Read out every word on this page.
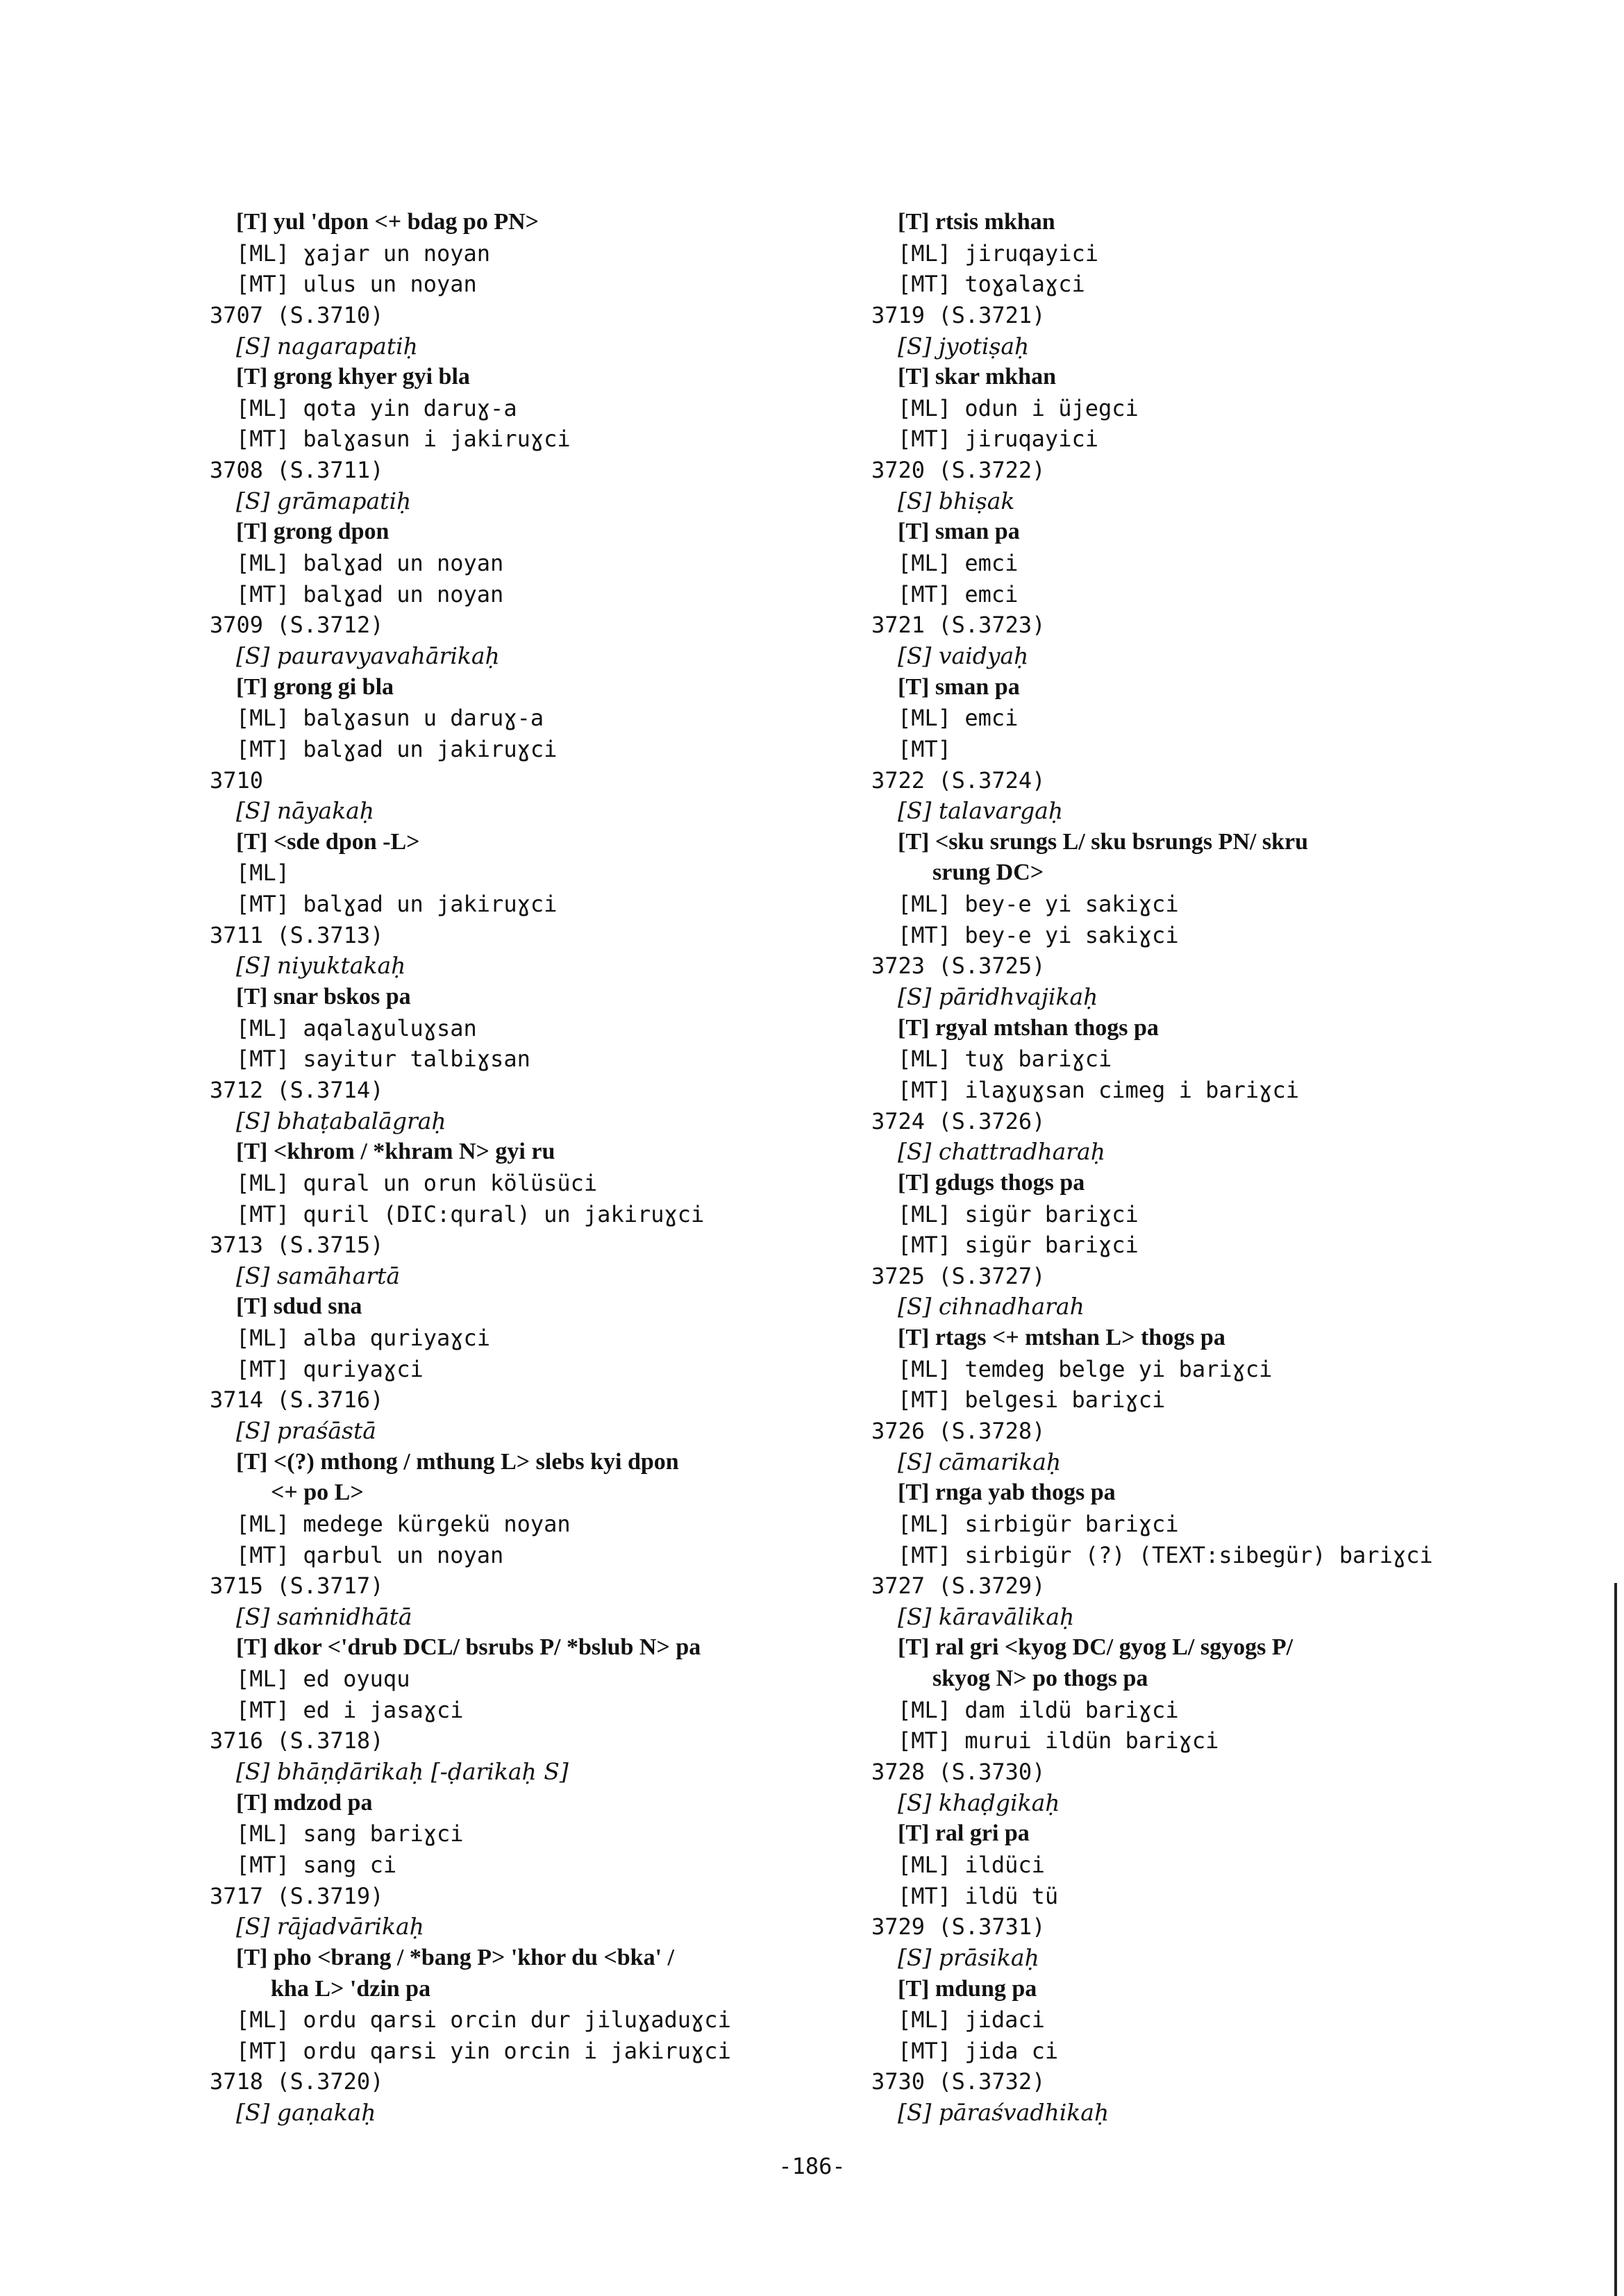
[T] yul 'dpon <+ bdag po PN>
[ML] ɣajar un noyan
[MT] ulus un noyan
3707 (S.3710)
[S] nagarapatiḥ
[T] grong khyer gyi bla
[ML] qota yin daruɣ-a
[MT] balɣasun i jakiruɣci
3708 (S.3711)
[S] grāmapatiḥ
[T] grong dpon
[ML] balɣad un noyan
[MT] balɣad un noyan
3709 (S.3712)
[S] pauravyavahārikaḥ
[T] grong gi bla
[ML] balɣasun u daruɣ-a
[MT] balɣad un jakiruɣci
3710
[S] nāyakaḥ
[T] <sde dpon -L>
[ML]
[MT] balɣad un jakiruɣci
3711 (S.3713)
[S] niyuktakaḥ
[T] snar bskos pa
[ML] aqalaɣuluɣsan
[MT] sayitur talbiɣsan
3712 (S.3714)
[S] bhaṭabalāgraḥ
[T] <khrom / *khram N> gyi ru
[ML] qural un orun kölüsüci
[MT] quril (DIC:qural) un jakiruɣci
3713 (S.3715)
[S] samāhartā
[T] sdud sna
[ML] alba quriyaɣci
[MT] quriyaɣci
3714 (S.3716)
[S] praśāstā
[T] <(?) mthong / mthung L> slebs kyi dpon
<+ po L>
[ML] medege kürgekü noyan
[MT] qarbul un noyan
3715 (S.3717)
[S] saṁnidhātā
[T] dkor <'drub DCL/ bsrubs P/ *bslub N> pa
[ML] ed oyuqu
[MT] ed i jasaɣci
3716 (S.3718)
[S] bhāṇḍārikaḥ [-ḍarikaḥ S]
[T] mdzod pa
[ML] sang bariɣci
[MT] sang ci
3717 (S.3719)
[S] rājadvārikaḥ
[T] pho <brang / *bang P> 'khor du <bka' /
kha L> 'dzin pa
[ML] ordu qarsi orcin dur jiluɣaduɣci
[MT] ordu qarsi yin orcin i jakiruɣci
3718 (S.3720)
[S] gaṇakaḥ
[T] rtsis mkhan
[ML] jiruqayici
[MT] toɣalaɣci
3719 (S.3721)
[S] jyotiṣaḥ
[T] skar mkhan
[ML] odun i üjegci
[MT] jiruqayici
3720 (S.3722)
[S] bhiṣak
[T] sman pa
[ML] emci
[MT] emci
3721 (S.3723)
[S] vaidyaḥ
[T] sman pa
[ML] emci
[MT]
3722 (S.3724)
[S] talavargaḥ
[T] <sku srungs L/ sku bsrungs PN/ skru
srung DC>
[ML] bey-e yi sakiɣci
[MT] bey-e yi sakiɣci
3723 (S.3725)
[S] pāridhvajikaḥ
[T] rgyal mtshan thogs pa
[ML] tuɣ bariɣci
[MT] ilaɣuɣsan cimeg i bariɣci
3724 (S.3726)
[S] chattradharaḥ
[T] gdugs thogs pa
[ML] sigür bariɣci
[MT] sigür bariɣci
3725 (S.3727)
[S] cihnadharah
[T] rtags <+ mtshan L> thogs pa
[ML] temdeg belge yi bariɣci
[MT] belgesi bariɣci
3726 (S.3728)
[S] cāmarikaḥ
[T] rnga yab thogs pa
[ML] sirbigür bariɣci
[MT] sirbigür (?) (TEXT:sibegür) bariɣci
3727 (S.3729)
[S] kāravālikaḥ
[T] ral gri <kyog DC/ gyog L/ sgyogs P/
skyog N> po thogs pa
[ML] dam ildü bariɣci
[MT] murui ildün bariɣci
3728 (S.3730)
[S] khaḍgikaḥ
[T] ral gri pa
[ML] ildüci
[MT] ildü tü
3729 (S.3731)
[S] prāsikaḥ
[T] mdung pa
[ML] jidaci
[MT] jida ci
3730 (S.3732)
[S] pāraśvadhikaḥ
-186-
